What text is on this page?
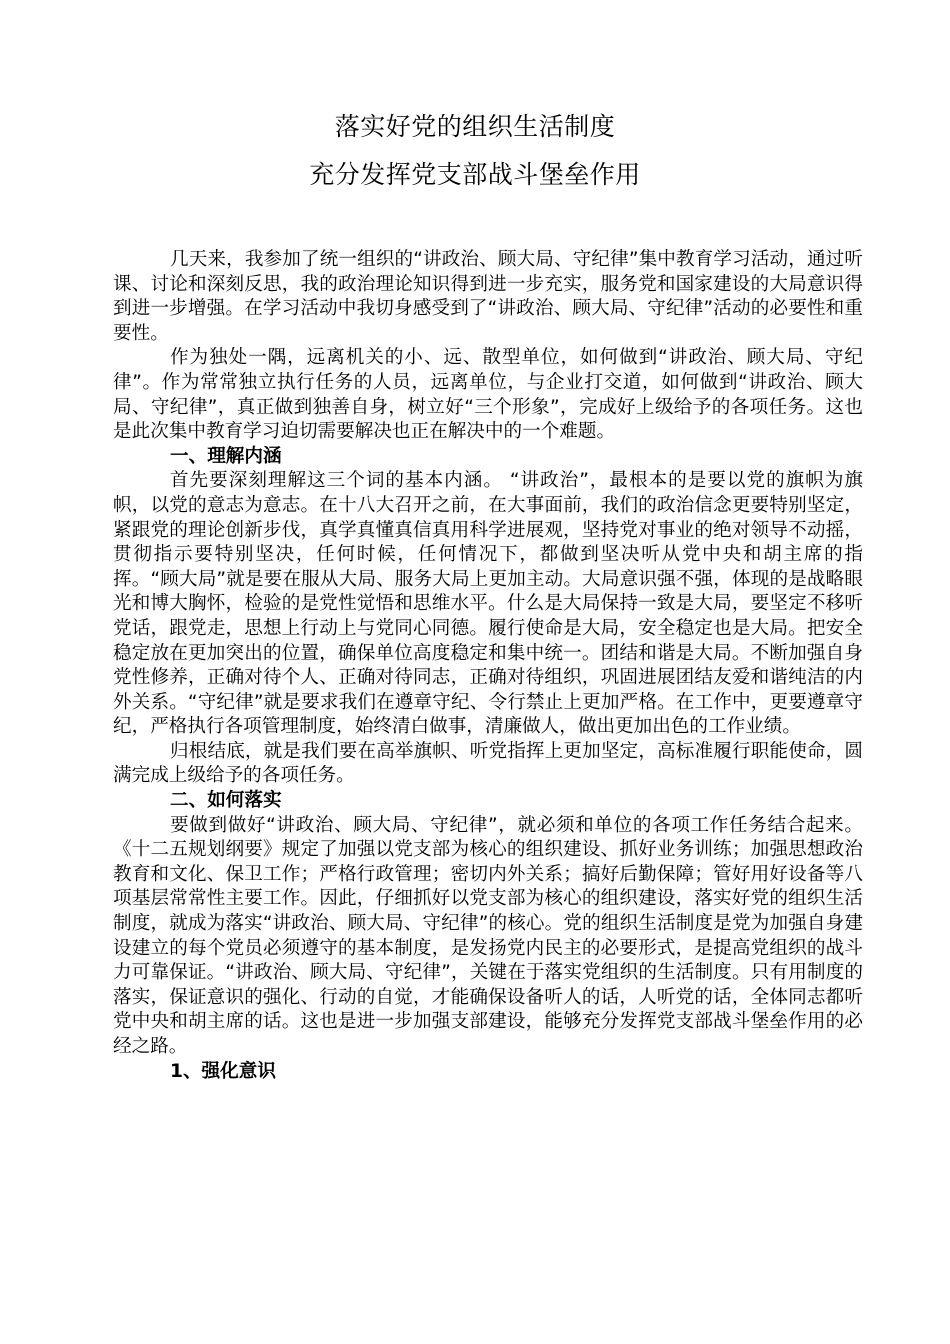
落实好党的组织生活制度
充分发挥党支部战斗堡垒作用

几天来，我参加了统一组织的“讲政治、顾大局、守纪律”集中教育学习活动，通过听课、讨论和深刻反思，我的政治理论知识得到进一步充实，服务党和国家建设的大局意识得到进一步增强。在学习活动中我切身感受到了“讲政治、顾大局、守纪律”活动的必要性和重要性。

作为独处一隅，远离机关的小、远、散型单位，如何做到“讲政治、顾大局、守纪律”。作为常常独立执行任务的人员，远离单位，与企业打交道，如何做到“讲政治、顾大局、守纪律”，真正做到独善自身，树立好“三个形象”，完成好上级给予的各项任务。这也是此次集中教育学习迫切需要解决也正在解决中的一个难题。

一、理解内涵

首先要深刻理解这三个词的基本内涵。 “讲政治”，最根本的是要以党的旗帜为旗帜，以党的意志为意志。在十八大召开之前，在大事面前，我们的政治信念更要特别坚定，紧跟党的理论创新步伐，真学真懂真信真用科学进展观，坚持党对事业的绝对领导不动摇，贯彻指示要特别坚决，任何时候，任何情况下，都做到坚决听从党中央和胡主席的指挥。“顾大局”就是要在服从大局、服务大局上更加主动。大局意识强不强，体现的是战略眼光和博大胸怀，检验的是党性觉悟和思维水平。什么是大局保持一致是大局，要坚定不移听党话，跟党走，思想上行动上与党同心同德。履行使命是大局，安全稳定也是大局。把安全稳定放在更加突出的位置，确保单位高度稳定和集中统一。团结和谐是大局。不断加强自身党性修养，正确对待个人、正确对待同志，正确对待组织，巩固进展团结友爱和谐纯洁的内外关系。“守纪律”就是要求我们在遵章守纪、令行禁止上更加严格。在工作中，更要遵章守纪，严格执行各项管理制度，始终清白做事，清廉做人，做出更加出色的工作业绩。

归根结底，就是我们要在高举旗帜、听党指挥上更加坚定，高标准履行职能使命，圆满完成上级给予的各项任务。

二、如何落实

要做到做好“讲政治、顾大局、守纪律”，就必须和单位的各项工作任务结合起来。《十二五规划纲要》规定了加强以党支部为核心的组织建设、抓好业务训练；加强思想政治教育和文化、保卫工作；严格行政管理；密切内外关系；搞好后勤保障；管好用好设备等八项基层常常性主要工作。因此，仔细抓好以党支部为核心的组织建设，落实好党的组织生活制度，就成为落实“讲政治、顾大局、守纪律”的核心。党的组织生活制度是党为加强自身建设建立的每个党员必须遵守的基本制度，是发扬党内民主的必要形式，是提高党组织的战斗力可靠保证。“讲政治、顾大局、守纪律”，关键在于落实党组织的生活制度。只有用制度的落实，保证意识的强化、行动的自觉，才能确保设备听人的话，人听党的话，全体同志都听党中央和胡主席的话。这也是进一步加强支部建设，能够充分发挥党支部战斗堡垒作用的必经之路。

1、强化意识
